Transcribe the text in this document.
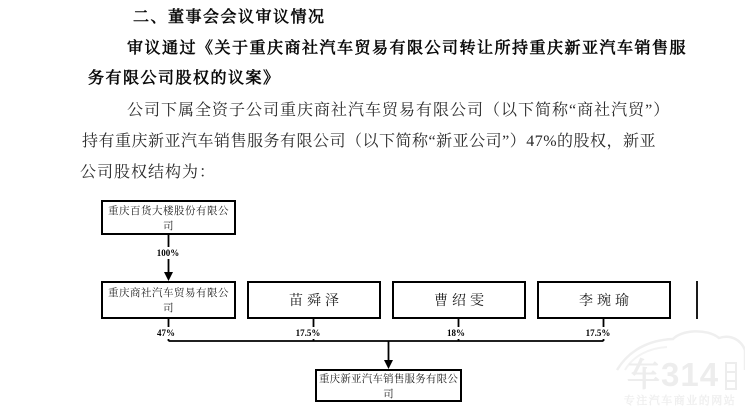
车314
专注汽车商业的网站
二、董事会会议审议情况
审议通过《关于重庆商社汽车贸易有限公司转让所持重庆新亚汽车销售服
务有限公司股权的议案》
公司下属全资子公司重庆商社汽车贸易有限公司（以下简称“商社汽贸”）
持有重庆新亚汽车销售服务有限公司（以下简称“新亚公司”）47%的股权，新亚
公司股权结构为：
重庆百货大楼股份有限公司
100%
重庆商社汽车贸易有限公司	苗舜泽	曹绍雯	李琬瑜
47%	17.5%	18%	17.5%
重庆新亚汽车销售服务有限公司
